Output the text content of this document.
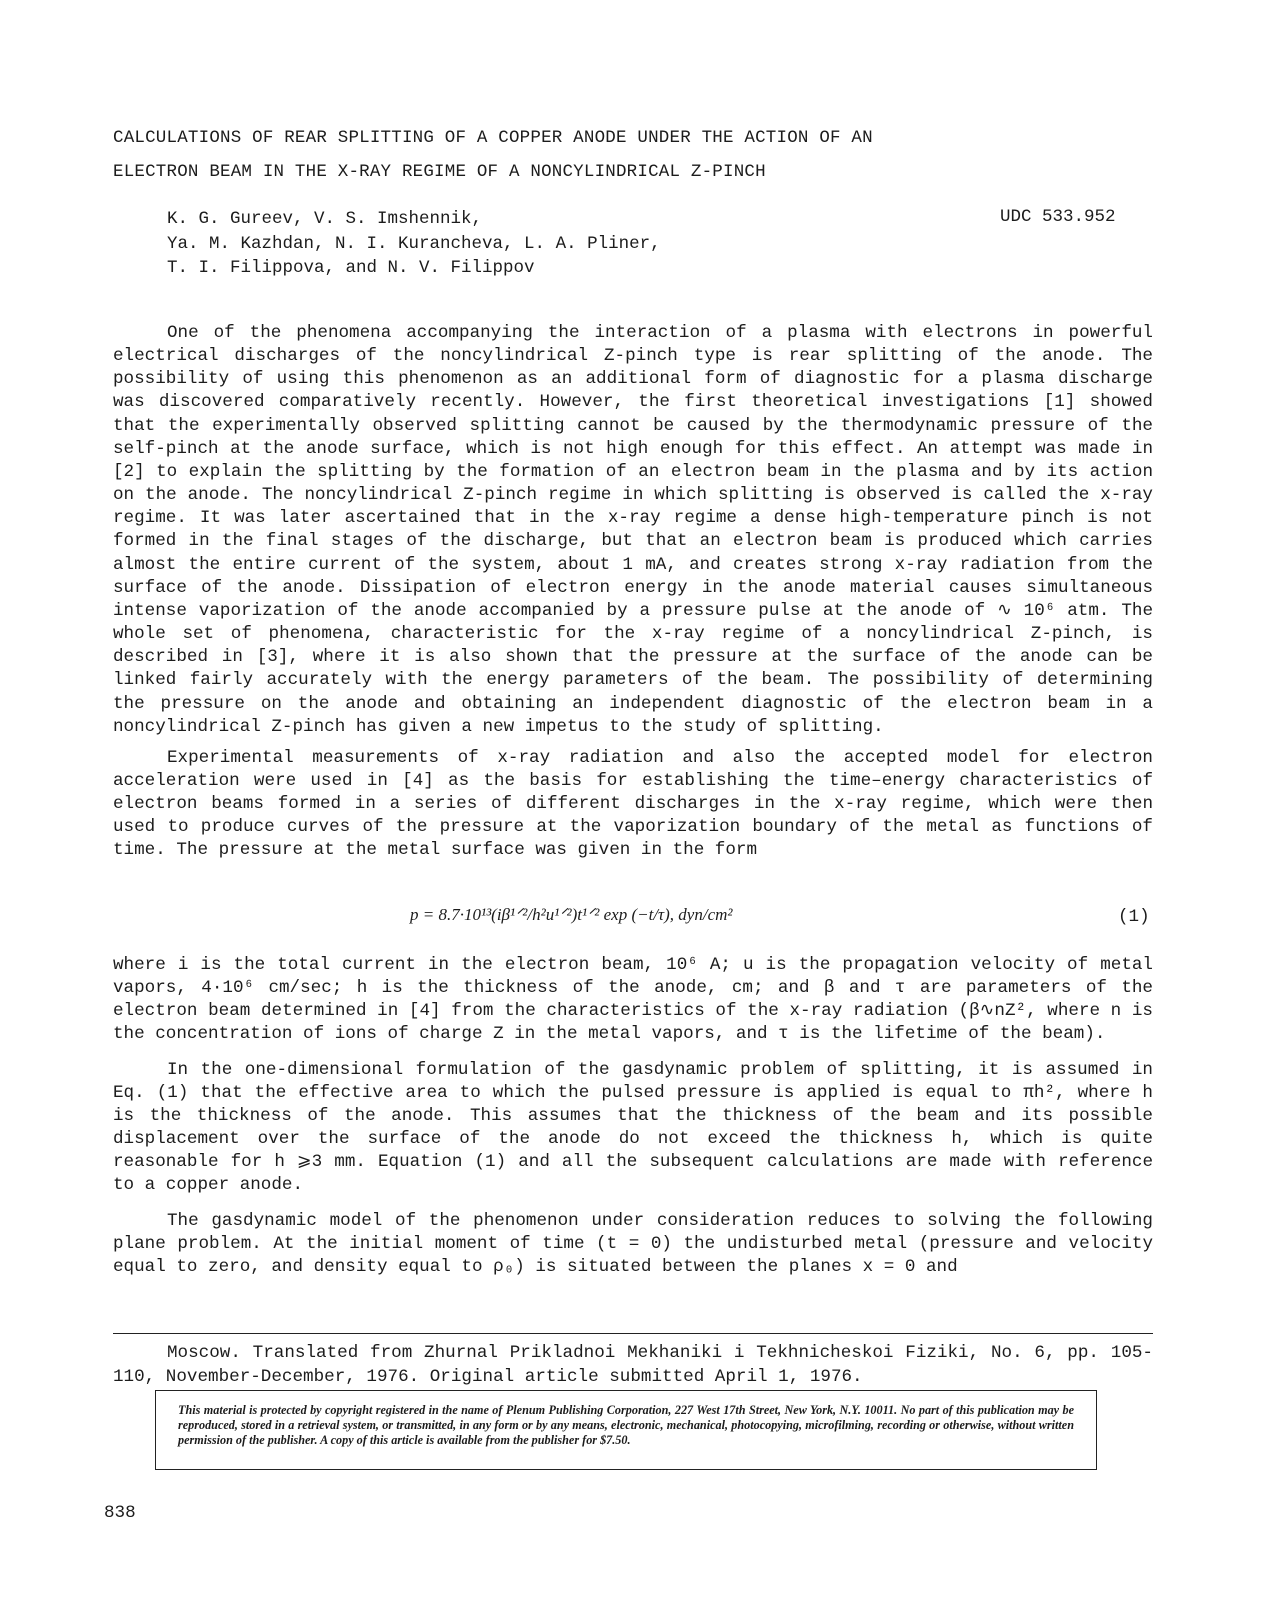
CALCULATIONS OF REAR SPLITTING OF A COPPER ANODE UNDER THE ACTION OF AN
ELECTRON BEAM IN THE X-RAY REGIME OF A NONCYLINDRICAL Z-PINCH
K. G. Gureev, V. S. Imshennik,
Ya. M. Kazhdan, N. I. Kurancheva, L. A. Pliner,
T. I. Filippova, and N. V. Filippov
UDC 533.952

One of the phenomena accompanying the interaction of a plasma with electrons in powerful electrical discharges of the noncylindrical Z-pinch type is rear splitting of the anode. The possibility of using this phenomenon as an additional form of diagnostic for a plasma discharge was discovered comparatively recently. However, the first theoretical investigations [1] showed that the experimentally observed splitting cannot be caused by the thermodynamic pressure of the self-pinch at the anode surface, which is not high enough for this effect. An attempt was made in [2] to explain the splitting by the formation of an electron beam in the plasma and by its action on the anode. The noncylindrical Z-pinch regime in which splitting is observed is called the x-ray regime. It was later ascertained that in the x-ray regime a dense high-temperature pinch is not formed in the final stages of the discharge, but that an electron beam is produced which carries almost the entire current of the system, about 1 mA, and creates strong x-ray radiation from the surface of the anode. Dissipation of electron energy in the anode material causes simultaneous intense vaporization of the anode accompanied by a pressure pulse at the anode of ∿ 10⁶ atm. The whole set of phenomena, characteristic for the x-ray regime of a noncylindrical Z-pinch, is described in [3], where it is also shown that the pressure at the surface of the anode can be linked fairly accurately with the energy parameters of the beam. The possibility of determining the pressure on the anode and obtaining an independent diagnostic of the electron beam in a noncylindrical Z-pinch has given a new impetus to the study of splitting.

Experimental measurements of x-ray radiation and also the accepted model for electron acceleration were used in [4] as the basis for establishing the time–energy characteristics of electron beams formed in a series of different discharges in the x-ray regime, which were then used to produce curves of the pressure at the vaporization boundary of the metal as functions of time. The pressure at the metal surface was given in the form

p = 8.7·10¹³(iβ¹ᐟ²/h²u¹ᐟ²)t¹ᐟ² exp (−t/τ), dyn/cm²	(1)

where i is the total current in the electron beam, 10⁶ A; u is the propagation velocity of metal vapors, 4·10⁶ cm/sec; h is the thickness of the anode, cm; and β and τ are parameters of the electron beam determined in [4] from the characteristics of the x-ray radiation (β∿nZ², where n is the concentration of ions of charge Z in the metal vapors, and τ is the lifetime of the beam).

In the one-dimensional formulation of the gasdynamic problem of splitting, it is assumed in Eq. (1) that the effective area to which the pulsed pressure is applied is equal to πh², where h is the thickness of the anode. This assumes that the thickness of the beam and its possible displacement over the surface of the anode do not exceed the thickness h, which is quite reasonable for h ⩾3 mm. Equation (1) and all the subsequent calculations are made with reference to a copper anode.

The gasdynamic model of the phenomenon under consideration reduces to solving the following plane problem. At the initial moment of time (t = 0) the undisturbed metal (pressure and velocity equal to zero, and density equal to ρ₀) is situated between the planes x = 0 and

Moscow. Translated from Zhurnal Prikladnoi Mekhaniki i Tekhnicheskoi Fiziki, No. 6, pp. 105-110, November-December, 1976. Original article submitted April 1, 1976.

This material is protected by copyright registered in the name of Plenum Publishing Corporation, 227 West 17th Street, New York, N.Y. 10011. No part of this publication may be reproduced, stored in a retrieval system, or transmitted, in any form or by any means, electronic, mechanical, photocopying, microfilming, recording or otherwise, without written permission of the publisher. A copy of this article is available from the publisher for $7.50.
838
